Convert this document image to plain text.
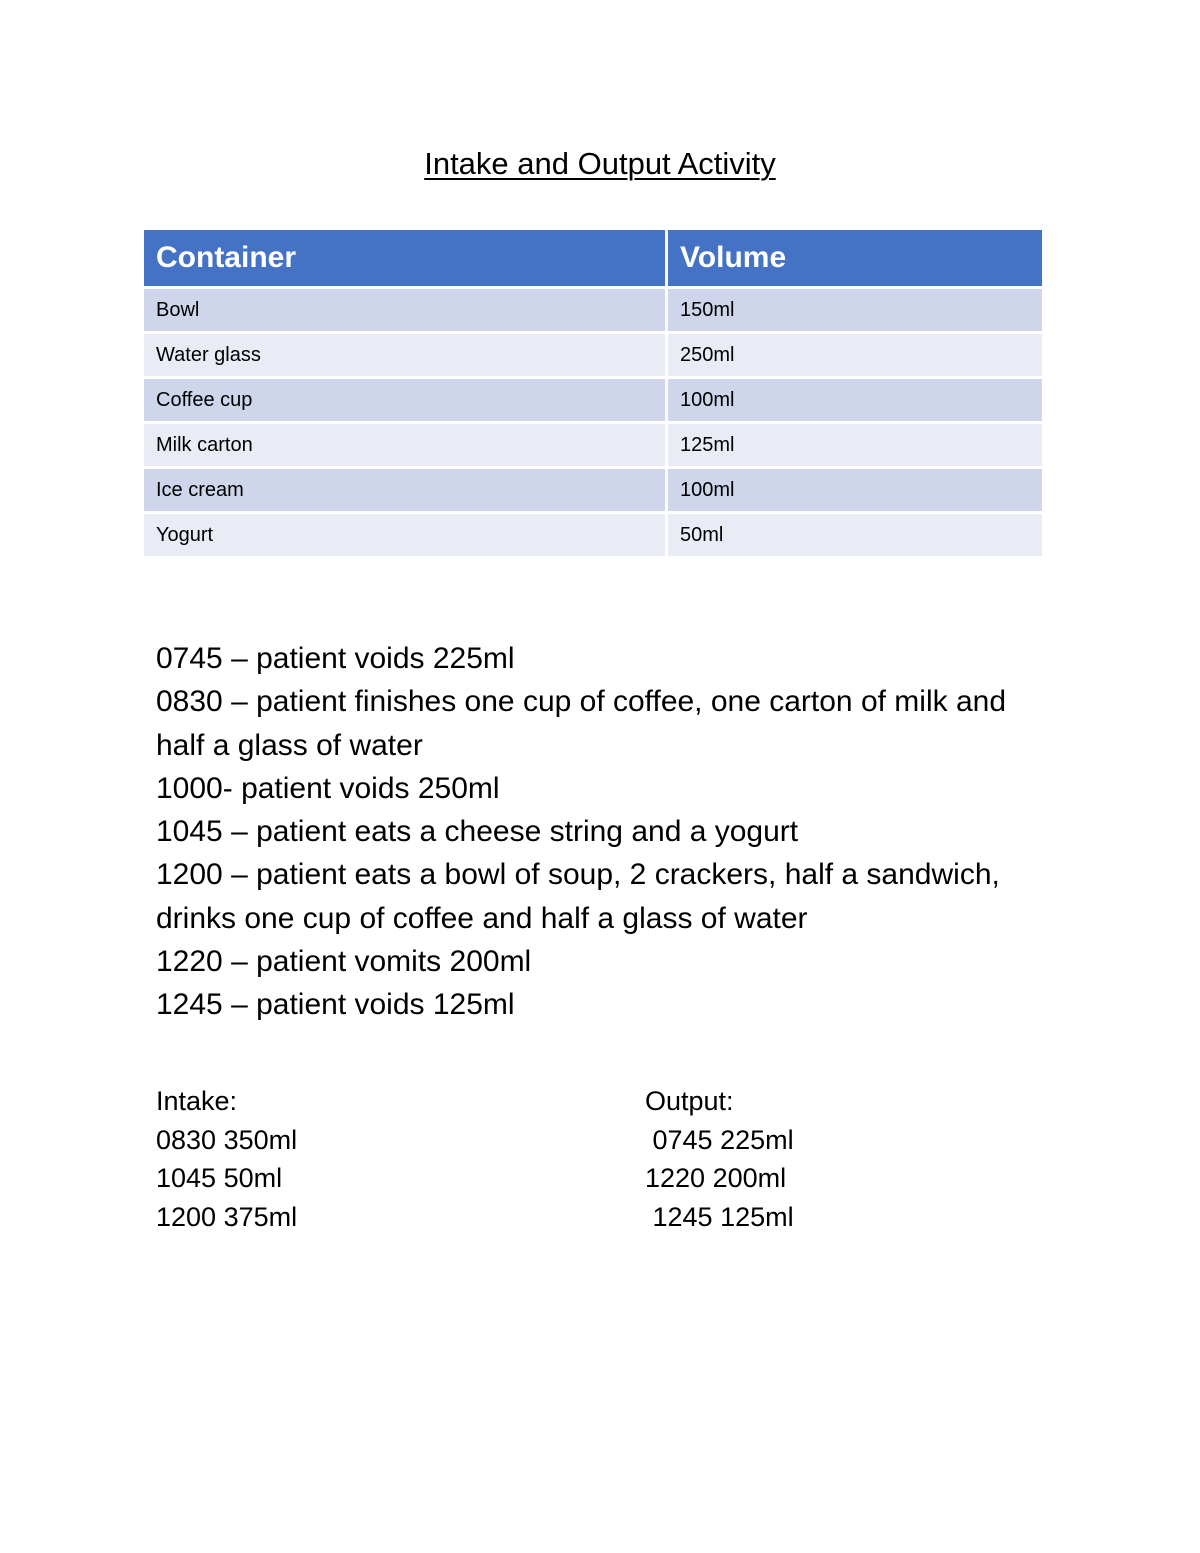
Intake and Output Activity
Container	Volume
Bowl	150ml
Water glass	250ml
Coffee cup	100ml
Milk carton	125ml
Ice cream	100ml
Yogurt	50ml
0745 – patient voids 225ml
0830 – patient finishes one cup of coffee, one carton of milk and half a glass of water
1000- patient voids 250ml
1045 – patient eats a cheese string and a yogurt
1200 – patient eats a bowl of soup, 2 crackers, half a sandwich, drinks one cup of coffee and half a glass of water
1220 – patient vomits 200ml
1245 – patient voids 125ml
Intake:
0830 350ml
1045 50ml
1200 375ml
Output:
0745 225ml
1220 200ml
1245 125ml
